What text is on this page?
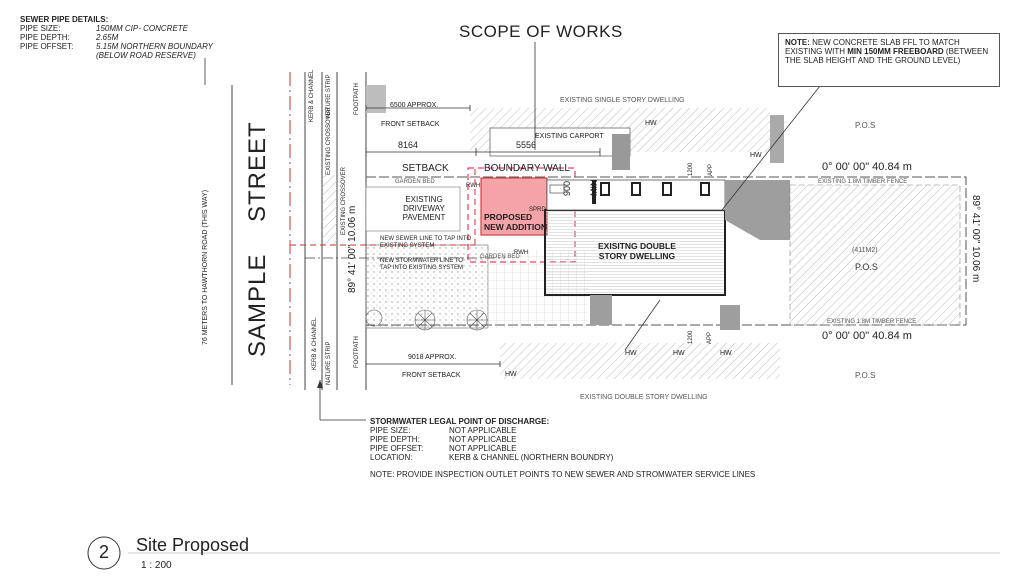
SEWER PIPE DETAILS:
PIPE SIZE:	150MM CIP- CONCRETE
PIPE DEPTH:	2.65M
PIPE OFFSET:	5.15M NORTHERN BOUNDARY
(BELOW ROAD RESERVE)
SCOPE OF WORKS
NOTE: NEW CONCRETE SLAB FFL TO MATCH EXISTING WITH MIN 150MM FREEBOARD (BETWEEN THE SLAB HEIGHT AND THE GROUND LEVEL)
SAMPLE
STREET
76 METERS TO HAWTHORN ROAD (THIS WAY)
KERB & CHANNEL NATURE STRIP
EXISTING CROSSOVER
EXISTING CROSSOVER
FOOTPATH
KERB & CHANNEL NATURE STRIP	FOOTPATH
89° 41' 00" 10.06 m	89° 41' 00" 10.06 m
6500 APPROX.
FRONT SETBACK
EXISTING SINGLE STORY DWELLING
EXISTING CARPORT
8164	5556
SETBACK	BOUNDARY WALL
GARDEN BED
HW
HW
HW	HW	HW
HW
P.O.S
P.O.S
P.O.S
(411M2)
0° 00' 00" 40.84 m
0° 00' 00" 40.84 m
EXISTING 1.8M TIMBER FENCE
EXISTING 1.8M TIMBER FENCE
EXISTING
DRIVEWAY
PAVEMENT	PROPOSED
NEW ADDITION
RWH
RWH
SPRD
EXISITNG DOUBLE
STORY DWELLING
900 MIN
1200 APP
1200 APP
NEW SEWER LINE TO TAP INTO
EXISTING SYSTEM
NEW STORMWATER LINE TO
TAP INTO EXISTING SYSTEM
GARDEN BED
9018 APPROX.
FRONT SETBACK
EXISTING DOUBLE STORY DWELLING
STORMWATER LEGAL POINT OF DISCHARGE:
PIPE SIZE:	NOT APPLICABLE
PIPE DEPTH:	NOT APPLICABLE
PIPE OFFSET:	NOT APPLICABLE
LOCATION:	KERB & CHANNEL (NORTHERN BOUNDRY)
NOTE: PROVIDE INSPECTION OUTLET POINTS TO NEW SEWER AND STROMWATER SERVICE LINES
2 Site Proposed
1 : 200
